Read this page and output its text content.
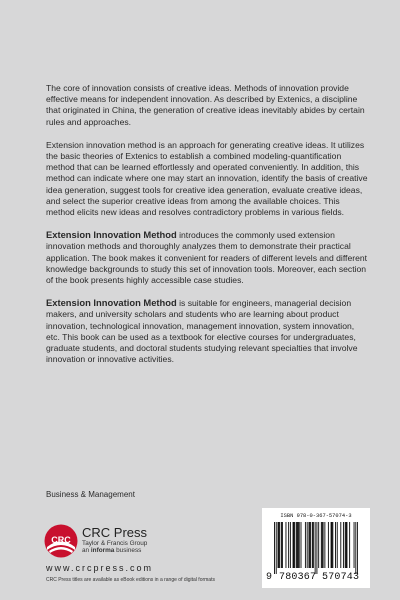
The core of innovation consists of creative ideas. Methods of innovation provide effective means for independent innovation. As described by Extenics, a discipline that originated in China, the generation of creative ideas inevitably abides by certain rules and approaches.

Extension innovation method is an approach for generating creative ideas. It utilizes the basic theories of Extenics to establish a combined modeling-quantification method that can be learned effortlessly and operated conveniently. In addition, this method can indicate where one may start an innovation, identify the basis of creative idea generation, suggest tools for creative idea generation, evaluate creative ideas, and select the superior creative ideas from among the available choices. This method elicits new ideas and resolves contradictory problems in various fields.

Extension Innovation Method introduces the commonly used extension innovation methods and thoroughly analyzes them to demonstrate their practical application. The book makes it convenient for readers of different levels and different knowledge backgrounds to study this set of innovation tools. Moreover, each section of the book presents highly accessible case studies.

Extension Innovation Method is suitable for engineers, managerial decision makers, and university scholars and students who are learning about product innovation, technological innovation, management innovation, system innovation, etc. This book can be used as a textbook for elective courses for undergraduates, graduate students, and doctoral students studying relevant specialties that involve innovation or innovative activities.

Business & Management
CRC CRC Press
Taylor & Francis Group
an informa business
www.crcpress.com
CRC Press titles are available as eBook editions in a range of digital formats
ISBN 978-0-367-57074-3
9 780367 570743
